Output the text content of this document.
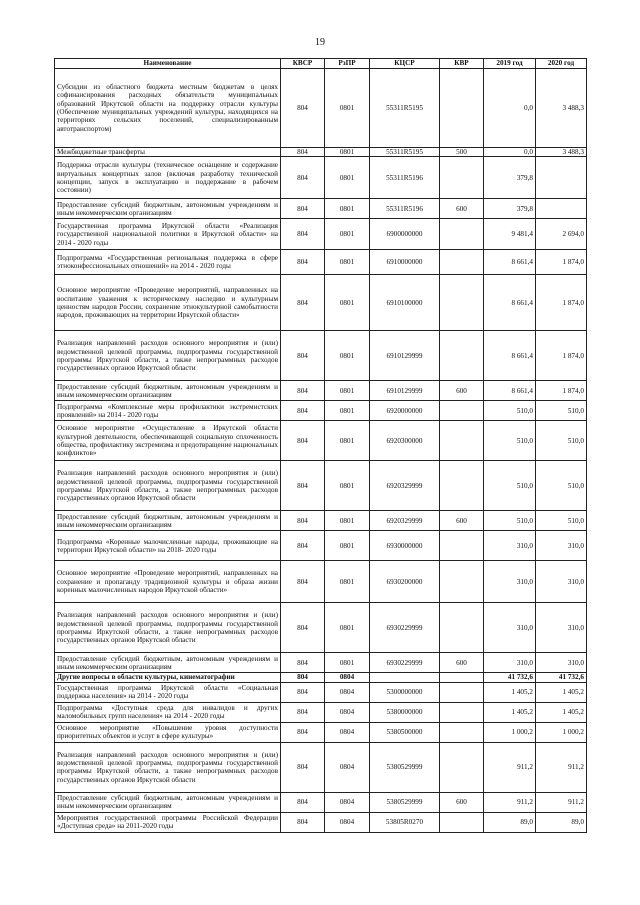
19
Наименование	КВСР	РзПР	КЦСР	КВР	2019 год	2020 год
Субсидии из областного бюджета местным бюджетам в целях софинансирования расходных обязательств муниципальных образований Иркутской области на поддержку отрасли культуры (Обеспечение муниципальных учреждений культуры, находящихся на территориях сельских поселений, специализированным автотранспортом)	804	0801	55311R5195		0,0	3 488,3
Межбюджетные трансферты	804	0801	55311R5195	500	0,0	3 488,3
Поддержка отрасли культуры (техническое оснащение и содержание виртуальных концертных залов (включая разработку технической концепции, запуск в эксплуатацию и поддержание в рабочем состоянии)	804	0801	55311R5196		379,8	
Предоставление субсидий бюджетным, автономным учреждениям и иным некоммерческим организациям	804	0801	55311R5196	600	379,8	
Государственная программа Иркутской области «Реализация государственной национальной политики в Иркутской области» на 2014 - 2020 годы	804	0801	6900000000		9 481,4	2 694,0
Подпрограмма «Государственная региональная поддержка в сфере этноконфессиональных отношений» на 2014 - 2020 годы	804	0801	6910000000		8 661,4	1 874,0
Основное мероприятие «Проведение мероприятий, направленных на воспитание уважения к историческому наследию и культурным ценностям народов России, сохранение этнокультурной самобытности народов, проживающих на территории Иркутской области»	804	0801	6910100000		8 661,4	1 874,0
Реализация направлений расходов основного мероприятия и (или) ведомственной целевой программы, подпрограммы государственной программы Иркутской области, а также непрограммных расходов государственных органов Иркутской области	804	0801	6910129999		8 661,4	1 874,0
Предоставление субсидий бюджетным, автономным учреждениям и иным некоммерческим организациям	804	0801	6910129999	600	8 661,4	1 874,0
Подпрограмма «Комплексные меры профилактики экстремистских проявлений» на 2014 - 2020 годы	804	0801	6920000000		510,0	510,0
Основное мероприятие «Осуществление в Иркутской области культурной деятельности, обеспечивающей социальную сплоченность общества, профилактику экстремизма и предотвращение национальных конфликтов»	804	0801	6920300000		510,0	510,0
Реализация направлений расходов основного мероприятия и (или) ведомственной целевой программы, подпрограммы государственной программы Иркутской области, а также непрограммных расходов государственных органов Иркутской области	804	0801	6920329999		510,0	510,0
Предоставление субсидий бюджетным, автономным учреждениям и иным некоммерческим организациям	804	0801	6920329999	600	510,0	510,0
Подпрограмма «Коренные малочисленные народы, проживающие на территории Иркутской области» на 2018- 2020 годы	804	0801	6930000000		310,0	310,0
Основное мероприятие «Проведение мероприятий, направленных на сохранение и пропаганду традиционной культуры и образа жизни коренных малочисленных народов Иркутской области»	804	0801	6930200000		310,0	310,0
Реализация направлений расходов основного мероприятия и (или) ведомственной целевой программы, подпрограммы государственной программы Иркутской области, а также непрограммных расходов государственных органов Иркутской области	804	0801	6930229999		310,0	310,0
Предоставление субсидий бюджетным, автономным учреждениям и иным некоммерческим организациям	804	0801	6930229999	600	310,0	310,0
Другие вопросы в области культуры, кинематографии	804	0804			41 732,6	41 732,6
Государственная программа Иркутской области «Социальная поддержка населения» на 2014 - 2020 годы	804	0804	5300000000		1 405,2	1 405,2
Подпрограмма «Доступная среда для инвалидов и других маломобильных групп населения» на 2014 - 2020 годы	804	0804	5380000000		1 405,2	1 405,2
Основное мероприятие «Повышение уровня доступности приоритетных объектов и услуг в сфере культуры»	804	0804	5380500000		1 000,2	1 000,2
Реализация направлений расходов основного мероприятия и (или) ведомственной целевой программы, подпрограммы государственной программы Иркутской области, а также непрограммных расходов государственных органов Иркутской области	804	0804	5380529999		911,2	911,2
Предоставление субсидий бюджетным, автономным учреждениям и иным некоммерческим организациям	804	0804	5380529999	600	911,2	911,2
Мероприятия государственной программы Российской Федерации «Доступная среда» на 2011-2020 годы	804	0804	53805R0270		89,0	89,0
